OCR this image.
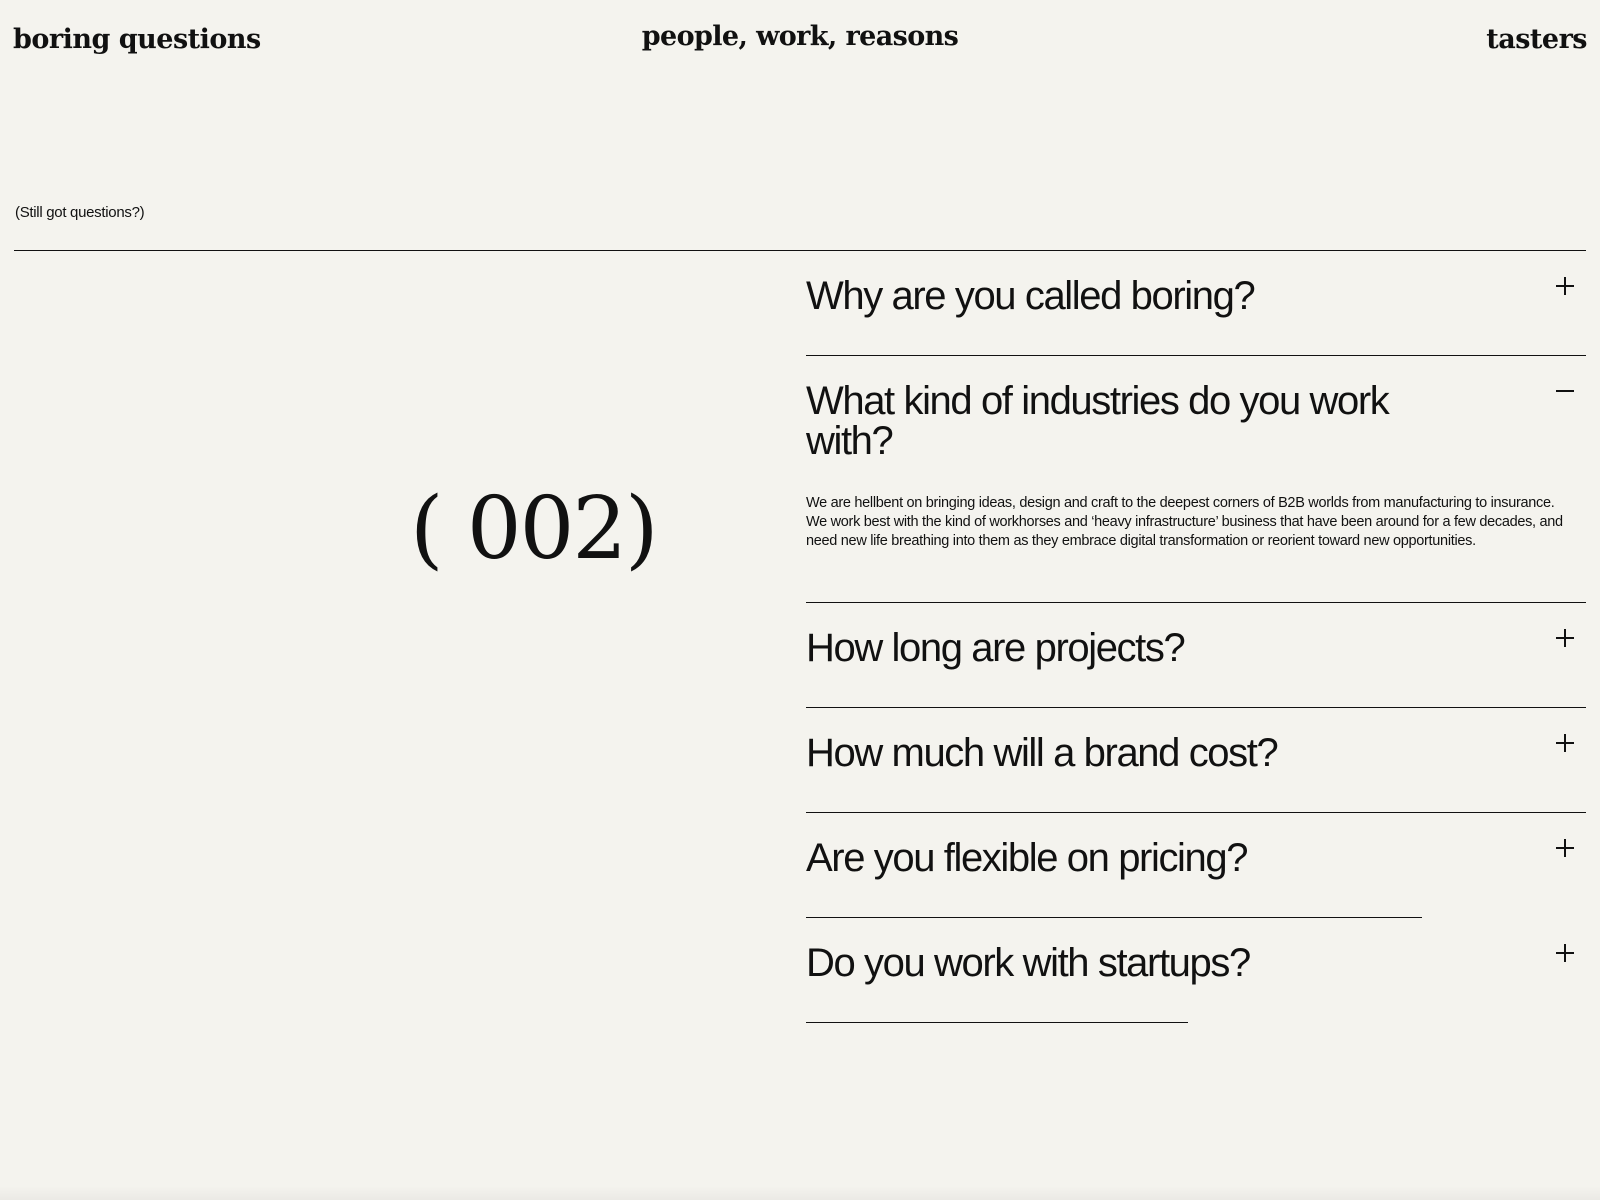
boring questions	people, work, reasons	tasters
(Still got questions?)
( 002)
Why are you called boring?
What kind of industries do you work with?
We are hellbent on bringing ideas, design and craft to the deepest corners of B2B worlds from manufacturing to insurance. We work best with the kind of workhorses and ‘heavy infrastructure’ business that have been around for a few decades, and need new life breathing into them as they embrace digital transformation or reorient toward new opportunities.
How long are projects?
How much will a brand cost?
Are you flexible on pricing?
Do you work with startups?
